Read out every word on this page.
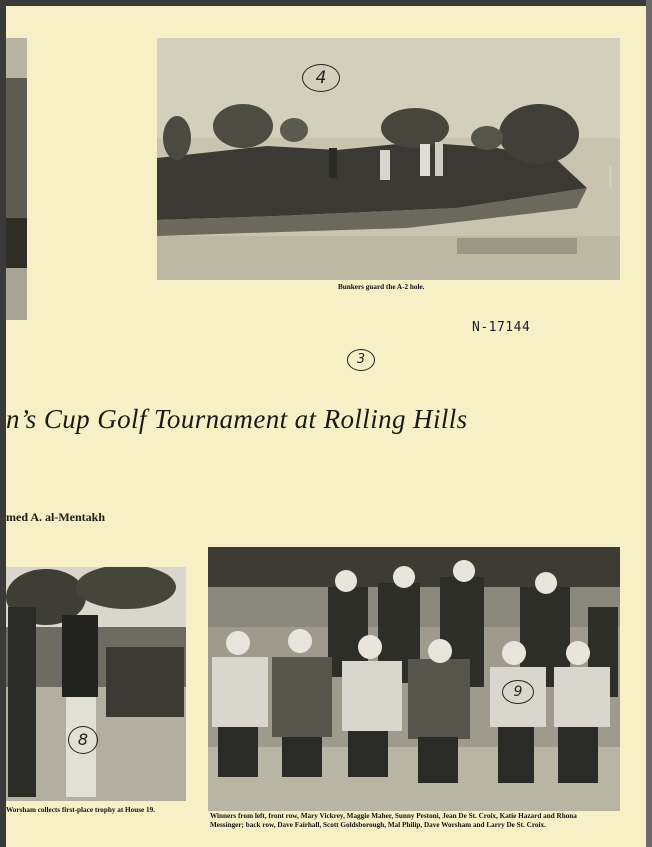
4
Bunkers guard the A-2 hole.

N-17144
3
n’s Cup Golf Tournament at Rolling Hills
med A. al-Mentakh
8
Worsham collects first-place trophy at House 19.
9
Winners from left, front row, Mary Vickrey, Maggie Maher, Sunny Pestoni, Jean De St. Croix, Katie Hazard and Rhona
Messinger; back row, Dave Fairhall, Scott Goldsborough, Mal Philip, Dave Worsham and Larry De St. Croix.
